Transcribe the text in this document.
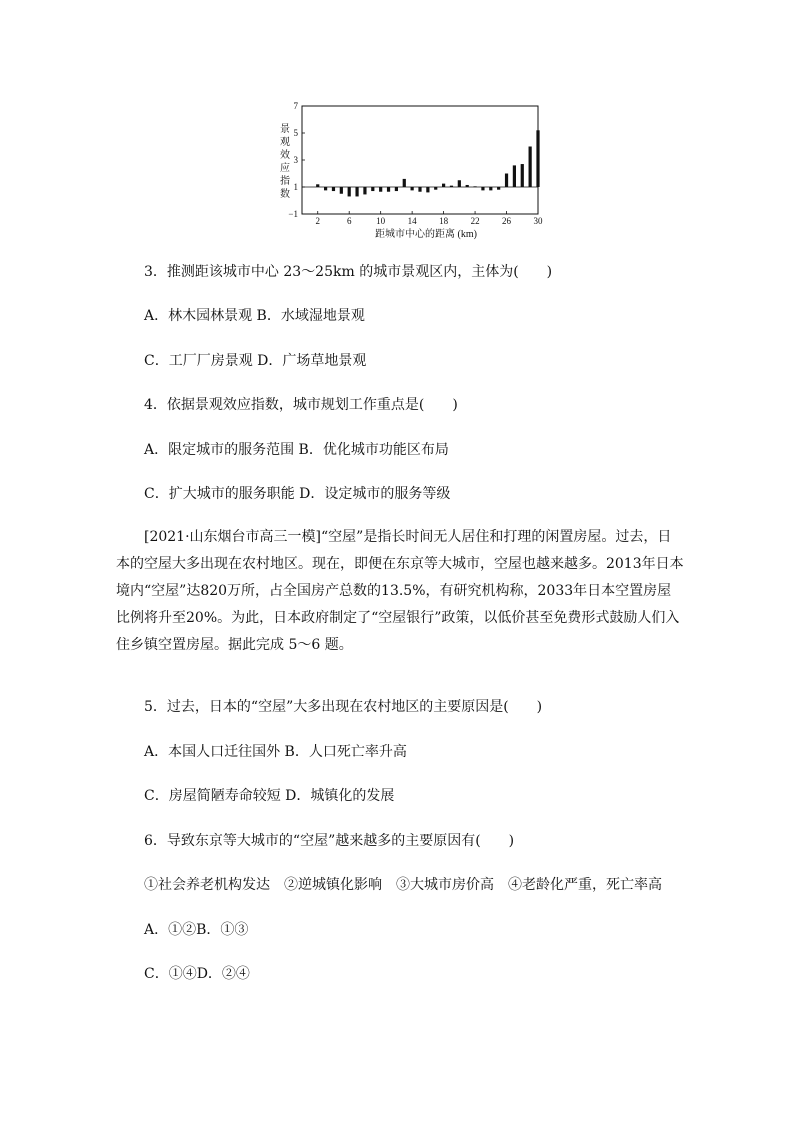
景
观
效
应
指
数
距城市中心的距离 (km)
−1
1
3
5
7
2	6	10 14 18 22 26 30
3．推测距该城市中心 23～25km 的城市景观区内，主体为(　　)
A．林木园林景观 B．水域湿地景观
C．工厂厂房景观 D．广场草地景观
4．依据景观效应指数，城市规划工作重点是(　　)
A．限定城市的服务范围 B．优化城市功能区布局
C．扩大城市的服务职能 D．设定城市的服务等级

[2021·山东烟台市高三一模]“空屋”是指长时间无人居住和打理的闲置房屋。过去，日本的空屋大多出现在农村地区。现在，即便在东京等大城市，空屋也越来越多。2013年日本境内“空屋”达820万所，占全国房产总数的13.5%，有研究机构称，2033年日本空置房屋比例将升至20%。为此，日本政府制定了“空屋银行”政策，以低价甚至免费形式鼓励人们入住乡镇空置房屋。据此完成 5～6 题。

5．过去，日本的“空屋”大多出现在农村地区的主要原因是(　　)
A．本国人口迁往国外 B．人口死亡率升高
C．房屋简陋寿命较短 D．城镇化的发展
6．导致东京等大城市的“空屋”越来越多的主要原因有(　　)
①社会养老机构发达　②逆城镇化影响　③大城市房价高　④老龄化严重，死亡率高
A．①②B．①③
C．①④D．②④
